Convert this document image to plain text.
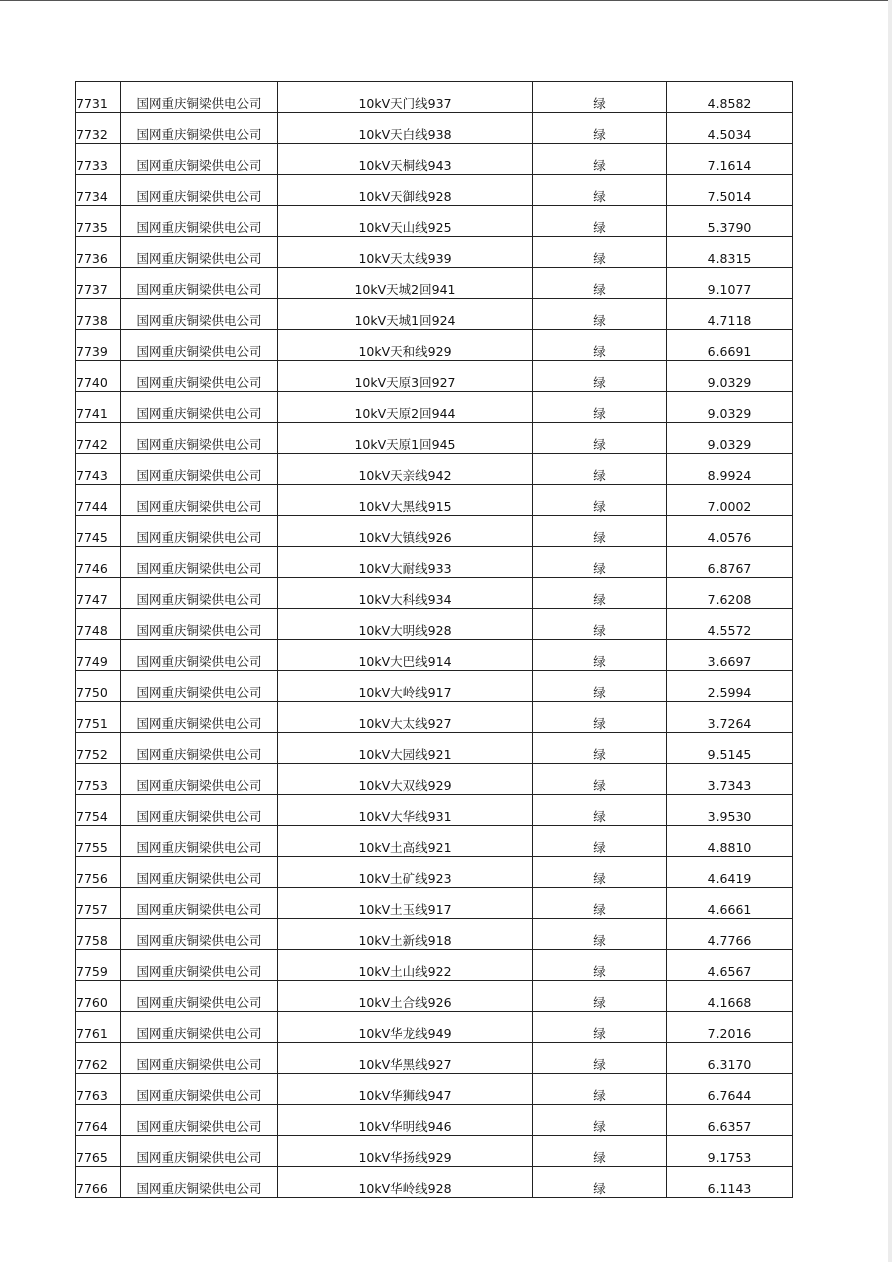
7731	国网重庆铜梁供电公司	10kV天门线937	绿	4.8582
7732	国网重庆铜梁供电公司	10kV天白线938	绿	4.5034
7733	国网重庆铜梁供电公司	10kV天桐线943	绿	7.1614
7734	国网重庆铜梁供电公司	10kV天御线928	绿	7.5014
7735	国网重庆铜梁供电公司	10kV天山线925	绿	5.3790
7736	国网重庆铜梁供电公司	10kV天太线939	绿	4.8315
7737	国网重庆铜梁供电公司	10kV天城2回941	绿	9.1077
7738	国网重庆铜梁供电公司	10kV天城1回924	绿	4.7118
7739	国网重庆铜梁供电公司	10kV天和线929	绿	6.6691
7740	国网重庆铜梁供电公司	10kV天原3回927	绿	9.0329
7741	国网重庆铜梁供电公司	10kV天原2回944	绿	9.0329
7742	国网重庆铜梁供电公司	10kV天原1回945	绿	9.0329
7743	国网重庆铜梁供电公司	10kV天亲线942	绿	8.9924
7744	国网重庆铜梁供电公司	10kV大黑线915	绿	7.0002
7745	国网重庆铜梁供电公司	10kV大镇线926	绿	4.0576
7746	国网重庆铜梁供电公司	10kV大耐线933	绿	6.8767
7747	国网重庆铜梁供电公司	10kV大科线934	绿	7.6208
7748	国网重庆铜梁供电公司	10kV大明线928	绿	4.5572
7749	国网重庆铜梁供电公司	10kV大巴线914	绿	3.6697
7750	国网重庆铜梁供电公司	10kV大岭线917	绿	2.5994
7751	国网重庆铜梁供电公司	10kV大太线927	绿	3.7264
7752	国网重庆铜梁供电公司	10kV大园线921	绿	9.5145
7753	国网重庆铜梁供电公司	10kV大双线929	绿	3.7343
7754	国网重庆铜梁供电公司	10kV大华线931	绿	3.9530
7755	国网重庆铜梁供电公司	10kV土高线921	绿	4.8810
7756	国网重庆铜梁供电公司	10kV土矿线923	绿	4.6419
7757	国网重庆铜梁供电公司	10kV土玉线917	绿	4.6661
7758	国网重庆铜梁供电公司	10kV土新线918	绿	4.7766
7759	国网重庆铜梁供电公司	10kV土山线922	绿	4.6567
7760	国网重庆铜梁供电公司	10kV土合线926	绿	4.1668
7761	国网重庆铜梁供电公司	10kV华龙线949	绿	7.2016
7762	国网重庆铜梁供电公司	10kV华黑线927	绿	6.3170
7763	国网重庆铜梁供电公司	10kV华狮线947	绿	6.7644
7764	国网重庆铜梁供电公司	10kV华明线946	绿	6.6357
7765	国网重庆铜梁供电公司	10kV华扬线929	绿	9.1753
7766	国网重庆铜梁供电公司	10kV华岭线928	绿	6.1143
